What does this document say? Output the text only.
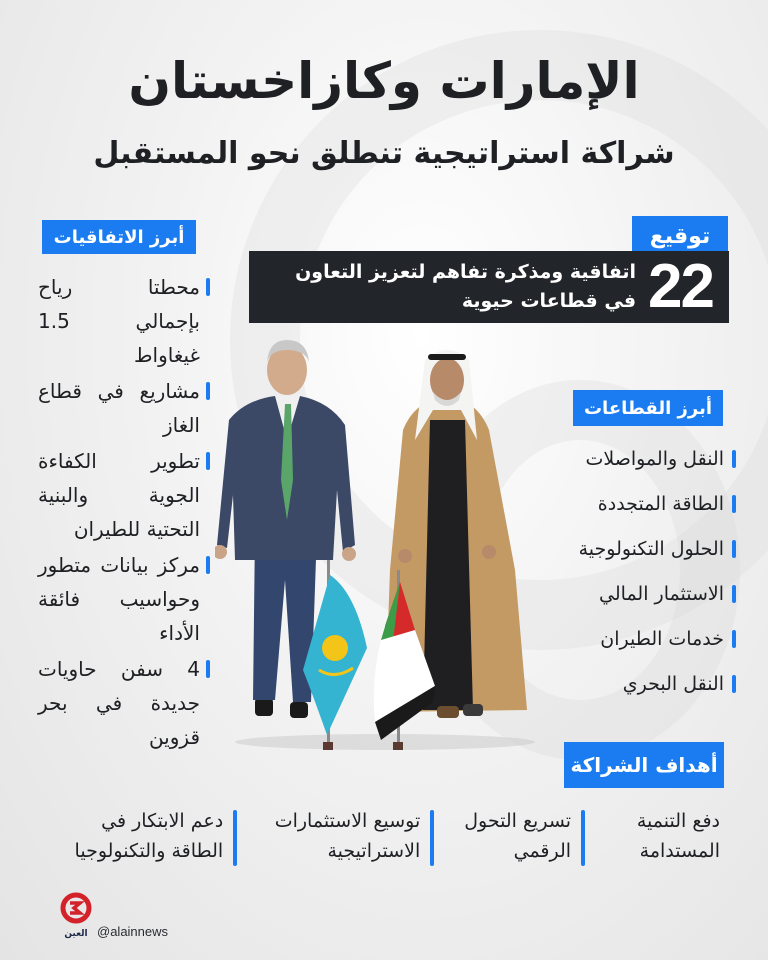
الإمارات وكازاخستان
شراكة استراتيجية تنطلق نحو المستقبل
توقيع
22
اتفاقية ومذكرة تفاهم لتعزيز التعاون في قطاعات حيوية
أبرز الاتفاقيات
محطتا رياح بإجمالي 1.5 غيغاواط
مشاريع في قطاع الغاز
تطوير الكفاءة الجوية والبنية التحتية للطيران
مركز بيانات متطور وحواسيب فائقة الأداء
4 سفن حاويات جديدة في بحر قزوين
أبرز القطاعات
النقل والمواصلات
الطاقة المتجددة
الحلول التكنولوجية
الاستثمار المالي
خدمات الطيران
النقل البحري
أهداف الشراكة
دفع التنمية المستدامة
تسريع التحول الرقمي
توسيع الاستثمارات الاستراتيجية
دعم الابتكار في الطاقة والتكنولوجيا
العين @alainnews
